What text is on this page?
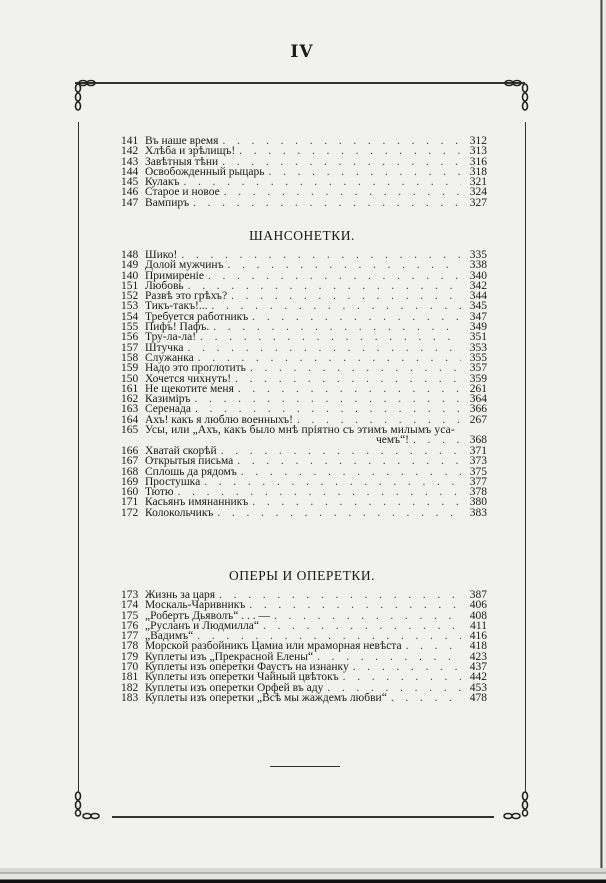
IV
141 Въ наше время . . .	312
142 Хлѣба и зрѣлищъ! . . .	313
143 Завѣтныя тѣни . . .	316
144 Освобожденный рыцарь . . .	318
145 Кулакъ . . .	321
146 Старое и новое . . .	324
147 Вампиръ . . .	327
ШАНСОНЕТКИ.
148 Шико! . . .	335
149 Долой мужчинъ . . .	338
140 Примиреніе . . .	340
151 Любовь . . .	342
152 Развѣ это грѣхъ? . . .	344
153 Тикъ-такъ!... . . .	345
154 Требуется работникъ . . .	347
155 Пифъ! Пафъ. . . .	349
156 Тру-ла-ла! . . .	351
157 Штучка . . .	353
158 Служанка . . .	355
159 Надо это проглотить . . .	357
150 Хочется чихнуть! . . .	359
161 Не щекотите меня . . .	261
162 Казиміръ . . .	364
163 Серенада . . .	366
164 Ахъ! какъ я люблю военныхъ! . . .	267
165 Усы, или „Ахъ, какъ было мнѣ пріятно съ этимъ милымъ уса-
чемъ“! . . .	368
166 Хватай скорѣй . . .	371
167 Открытыя письма . . .	373
168 Сплошь да рядомъ . . .	375
169 Простушка . . .	377
160 Тютю . . .	378
171 Касьянъ имянанникъ . . .	380
172 Колокольчикъ . . .	383
ОПЕРЫ И ОПЕРЕТКИ.
173 Жизнь за царя . . .	387
174 Москаль-Чаривникъ . . .	406
175 „Робертъ Дьяволъ“ . . . — . . .	408
176 „Русланъ и Людмилла“ . . .	411
177 „Вадимъ“ . . .	416
178 Морской разбойникъ Цамиа или мраморная невѣста . . .	418
179 Куплеты изъ „Прекрасной Елены“ . . .	423
170 Куплеты изъ оперетки Фаустъ на изнанку . . .	437
181 Куплеты изъ оперетки Чайный цвѣтокъ . . .	442
182 Куплеты изъ оперетки Орфей въ аду . . .	453
183 Куплеты изъ оперетки „Всѣ мы жаждемъ любви“ . . .	478
